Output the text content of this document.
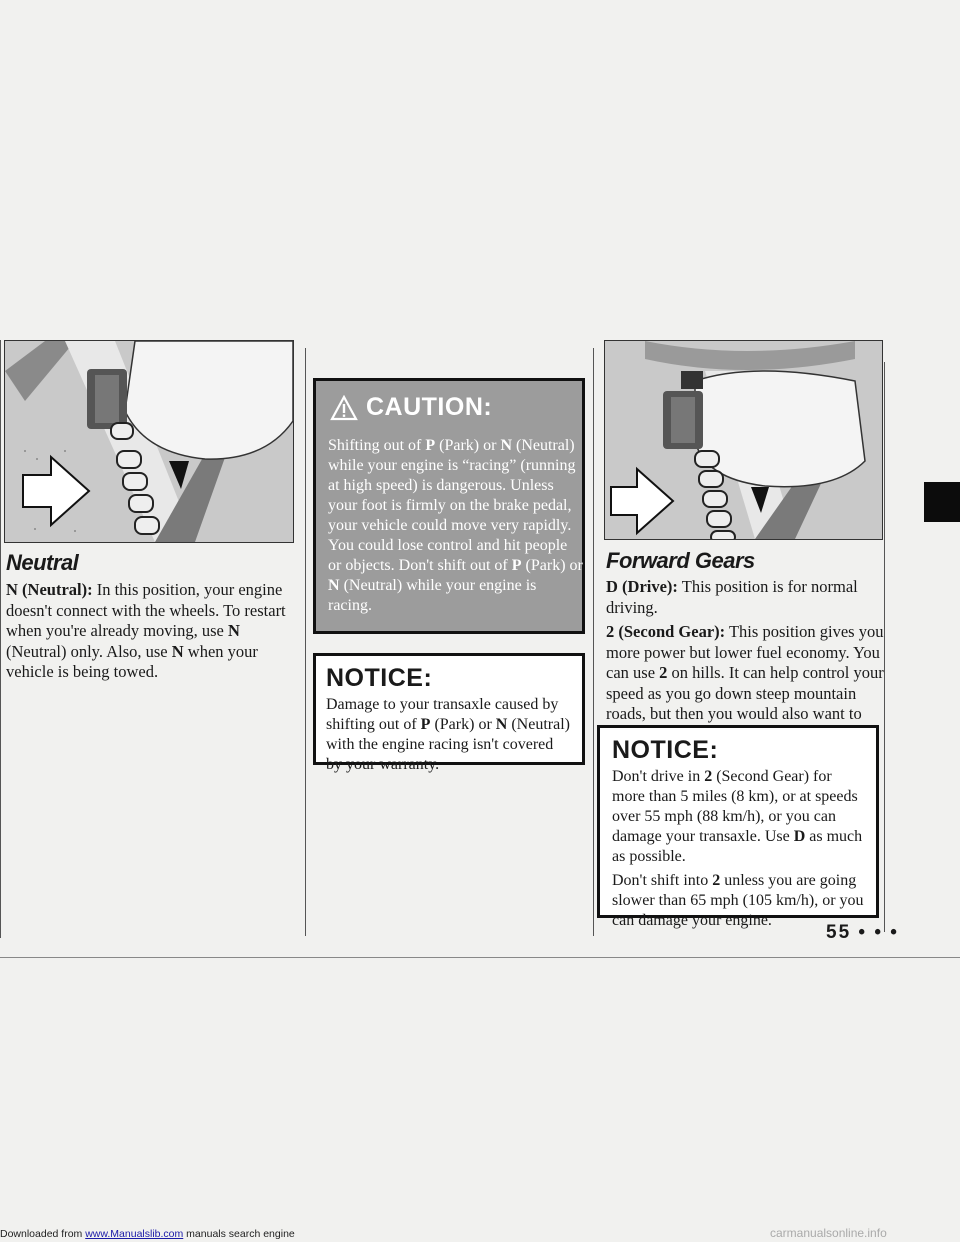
Neutral

N (Neutral): In this position, your engine doesn't connect with the wheels. To restart when you're already moving, use N (Neutral) only. Also, use N when your vehicle is being towed.

CAUTION:
Shifting out of P (Park) or N (Neutral) while your engine is “racing” (running at high speed) is dangerous. Unless your foot is firmly on the brake pedal, your vehicle could move very rapidly. You could lose control and hit people or objects. Don't shift out of P (Park) or N (Neutral) while your engine is racing.
NOTICE:
Damage to your transaxle caused by shifting out of P (Park) or N (Neutral) with the engine racing isn't covered by your warranty.
Forward Gears

D (Drive): This position is for normal driving.

2 (Second Gear): This position gives you more power but lower fuel economy. You can use 2 on hills. It can help control your speed as you go down steep mountain roads, but then you would also want to

NOTICE:

Don't drive in 2 (Second Gear) for more than 5 miles (8 km), or at speeds over 55 mph (88 km/h), or you can damage your transaxle. Use D as much as possible.

Don't shift into 2 unless you are going slower than 65 mph (105 km/h), or you can damage your engine.

55 • • •
Downloaded from www.Manualslib.com manuals search engine	carmanualsonline.info
